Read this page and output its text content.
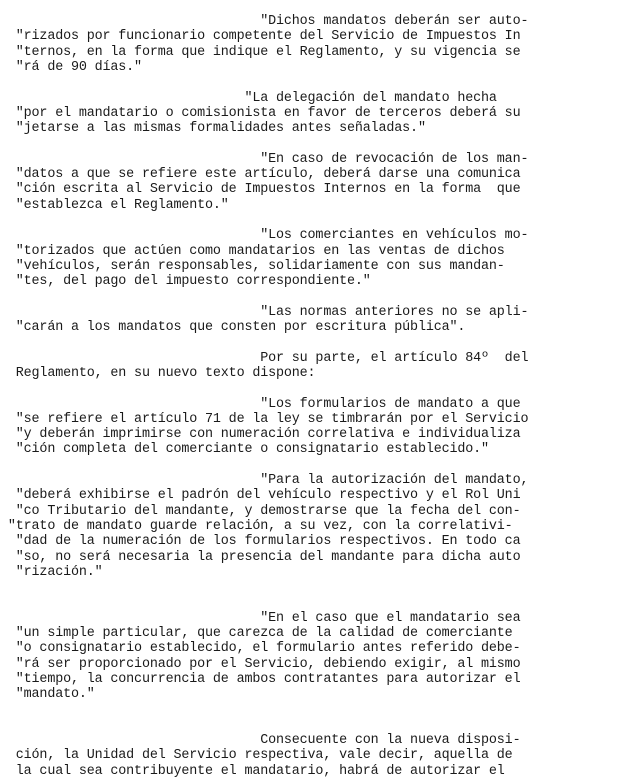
"Dichos mandatos deberán ser auto-
"rizados por funcionario competente del Servicio de Impuestos In
"ternos, en la forma que indique el Reglamento, y su vigencia se
"rá de 90 días."
"La delegación del mandato hecha
"por el mandatario o comisionista en favor de terceros deberá su
"jetarse a las mismas formalidades antes señaladas."
"En caso de revocación de los man-
"datos a que se refiere este artículo, deberá darse una comunica
"ción escrita al Servicio de Impuestos Internos en la forma  que
"establezca el Reglamento."
"Los comerciantes en vehículos mo-
"torizados que actúen como mandatarios en las ventas de dichos
"vehículos, serán responsables, solidariamente con sus mandan-
"tes, del pago del impuesto correspondiente."
"Las normas anteriores no se apli-
"carán a los mandatos que consten por escritura pública".
Por su parte, el artículo 84º  del
Reglamento, en su nuevo texto dispone:
"Los formularios de mandato a que
"se refiere el artículo 71 de la ley se timbrarán por el Servicio
"y deberán imprimirse con numeración correlativa e individualiza
"ción completa del comerciante o consignatario establecido."
"Para la autorización del mandato,
"deberá exhibirse el padrón del vehículo respectivo y el Rol Uni
"co Tributario del mandante, y demostrarse que la fecha del con-
"trato de mandato guarde relación, a su vez, con la correlativi-
"dad de la numeración de los formularios respectivos. En todo ca
"so, no será necesaria la presencia del mandante para dicha auto
"rización."
"En el caso que el mandatario sea
"un simple particular, que carezca de la calidad de comerciante
"o consignatario establecido, el formulario antes referido debe-
"rá ser proporcionado por el Servicio, debiendo exigir, al mismo
"tiempo, la concurrencia de ambos contratantes para autorizar el
"mandato."
Consecuente con la nueva disposi-
ción, la Unidad del Servicio respectiva, vale decir, aquella de
la cual sea contribuyente el mandatario, habrá de autorizar el
